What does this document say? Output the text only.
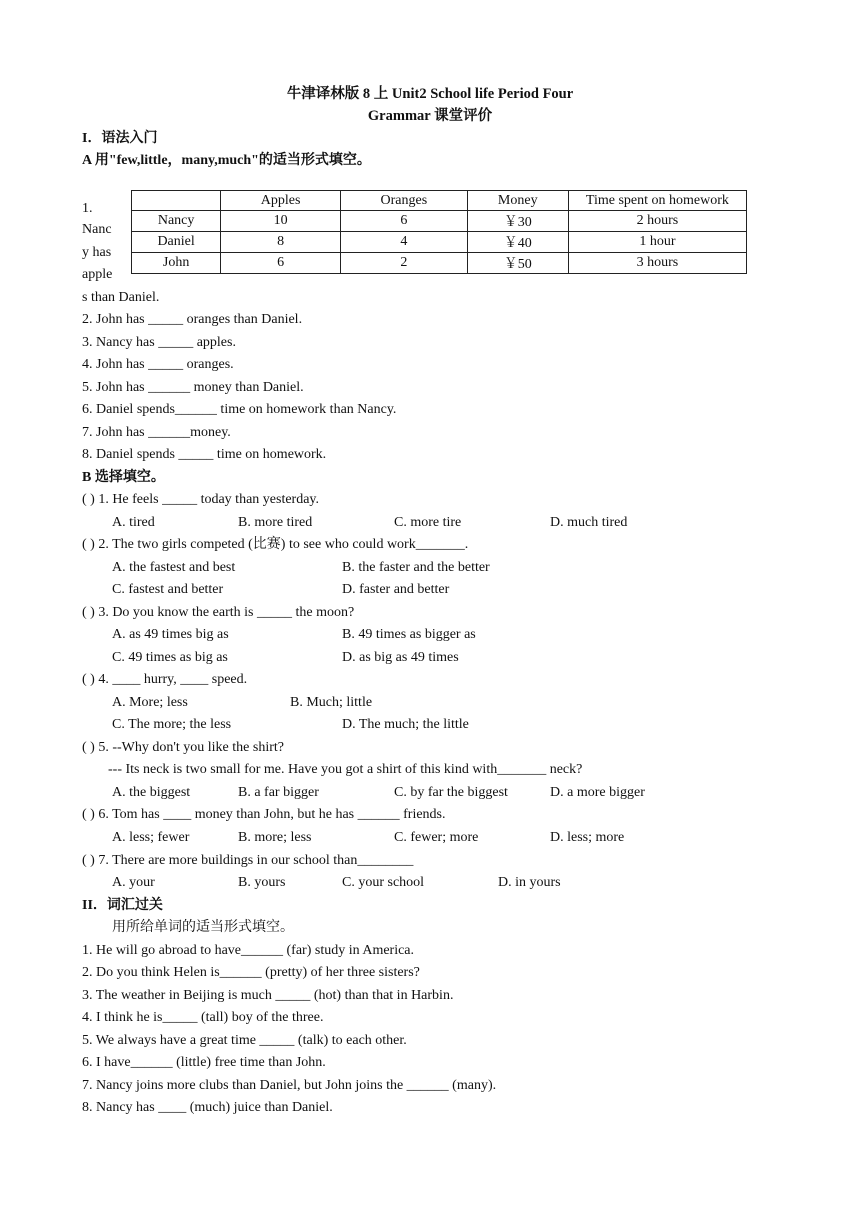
牛津译林版 8 上 Unit2 School life Period Four
Grammar 课堂评价
I．语法入门
A 用"few,little，many,much"的适当形式填空。
1.
Nanc
y has
apple
s than Daniel.
	Apples	Oranges	Money	Time spent on homework
Nancy	10	6	￥30	2 hours
Daniel	8	4	￥40	1 hour
John	6	2	￥50	3 hours
2. John has _____ oranges than Daniel.
3. Nancy has _____ apples.
4. John has _____ oranges.
5. John has ______ money than Daniel.
6. Daniel spends______ time on homework than Nancy.
7. John has ______money.
8. Daniel spends _____ time on homework.
B 选择填空。
( ) 1. He feels _____ today than yesterday.
A. tired	B. more tired	C. more tire	D. much tired
( ) 2. The two girls competed (比赛) to see who could work_______.
A. the fastest and best	B. the faster and the better
C. fastest and better	D. faster and better
( ) 3. Do you know the earth is _____ the moon?
A. as 49 times big as	B. 49 times as bigger as
C. 49 times as big as	D. as big as 49 times
( ) 4. ____ hurry, ____ speed.
A. More; less	B. Much; little
C. The more; the less	D. The much; the little
( ) 5. --Why don't you like the shirt?
--- Its neck is two small for me. Have you got a shirt of this kind with_______ neck?
A. the biggest	B. a far bigger	C. by far the biggest	D. a more bigger
( ) 6. Tom has ____ money than John, but he has ______ friends.
A. less; fewer	B. more; less	C. fewer; more	D. less; more
( ) 7. There are more buildings in our school than________
A. your	B. yours	C. your school	D. in yours
II．词汇过关
用所给单词的适当形式填空。
1. He will go abroad to have______ (far) study in America.
2. Do you think Helen is______ (pretty) of her three sisters?
3. The weather in Beijing is much _____ (hot) than that in Harbin.
4. I think he is_____ (tall) boy of the three.
5. We always have a great time _____ (talk) to each other.
6. I have______ (little) free time than John.
7. Nancy joins more clubs than Daniel, but John joins the ______ (many).
8. Nancy has ____ (much) juice than Daniel.
